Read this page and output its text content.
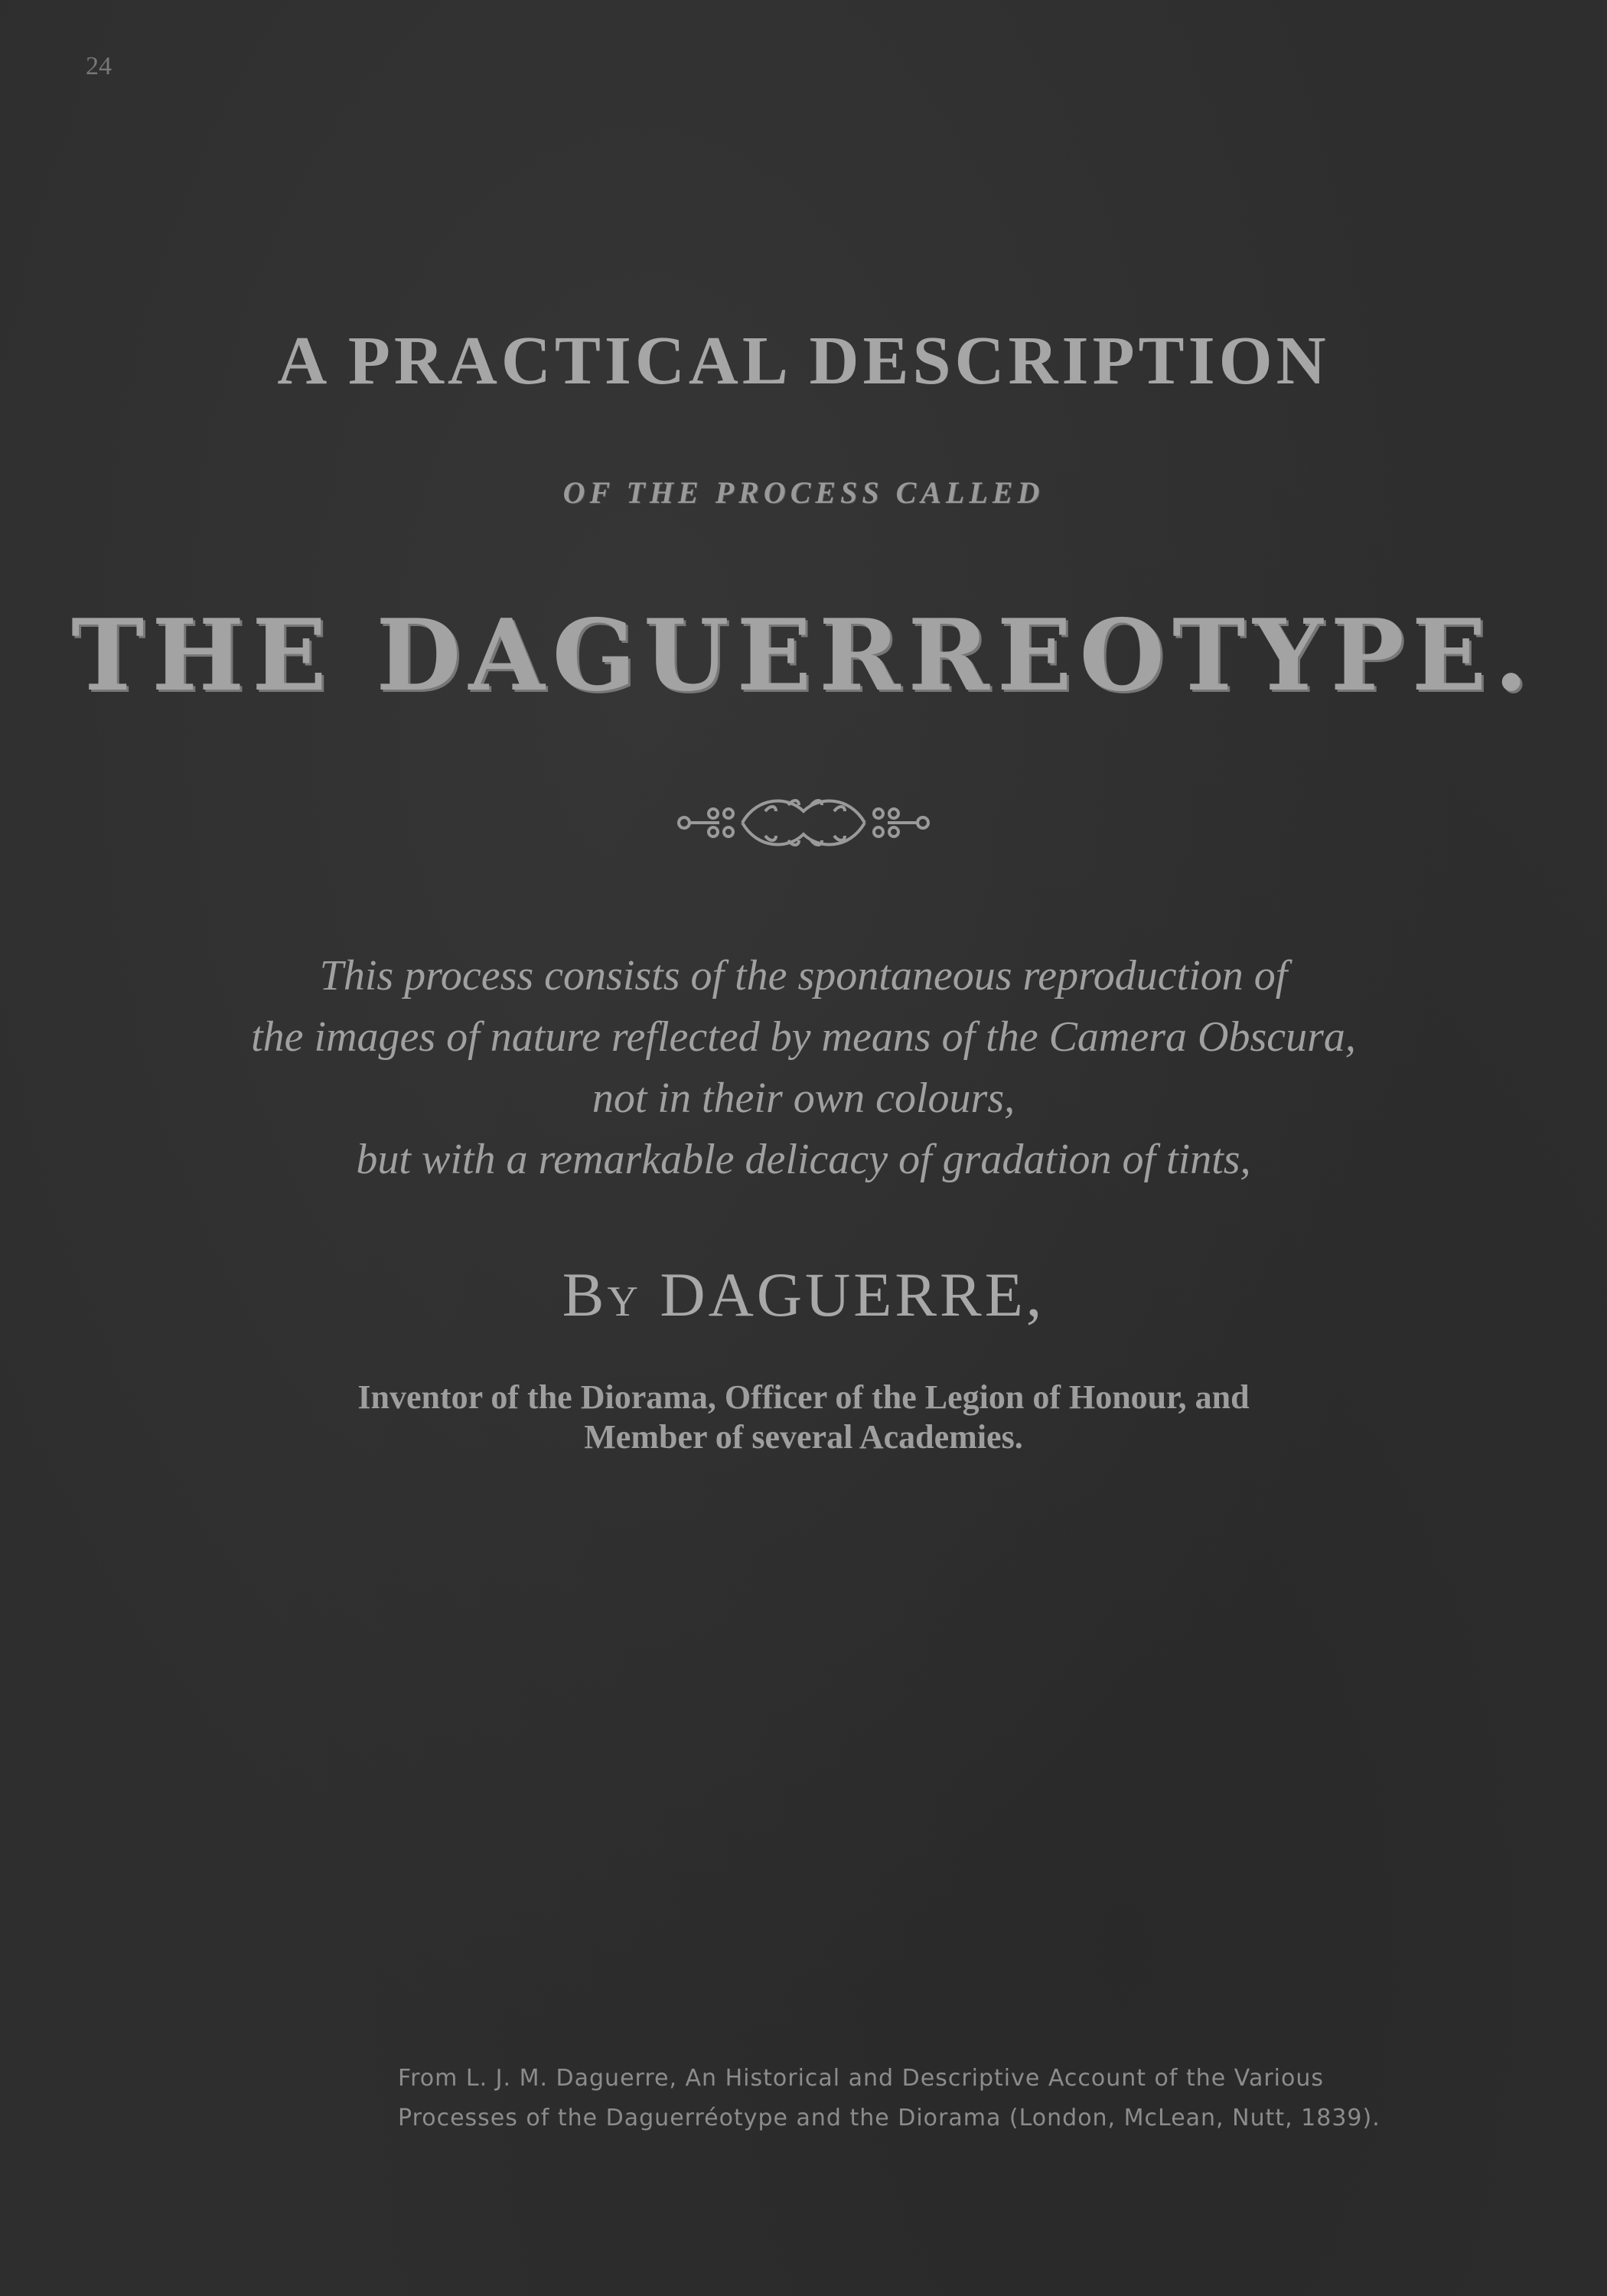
24
A PRACTICAL DESCRIPTION
OF THE PROCESS CALLED
THE DAGUERREOTYPE.
This process consists of the spontaneous reproduction of
the images of nature reflected by means of the Camera Obscura,
not in their own colours,
but with a remarkable delicacy of gradation of tints,
BY DAGUERRE,
Inventor of the Diorama, Officer of the Legion of Honour, and
Member of several Academies.
From L. J. M. Daguerre, An Historical and Descriptive Account of the Various
Processes of the Daguerréotype and the Diorama (London, McLean, Nutt, 1839).
